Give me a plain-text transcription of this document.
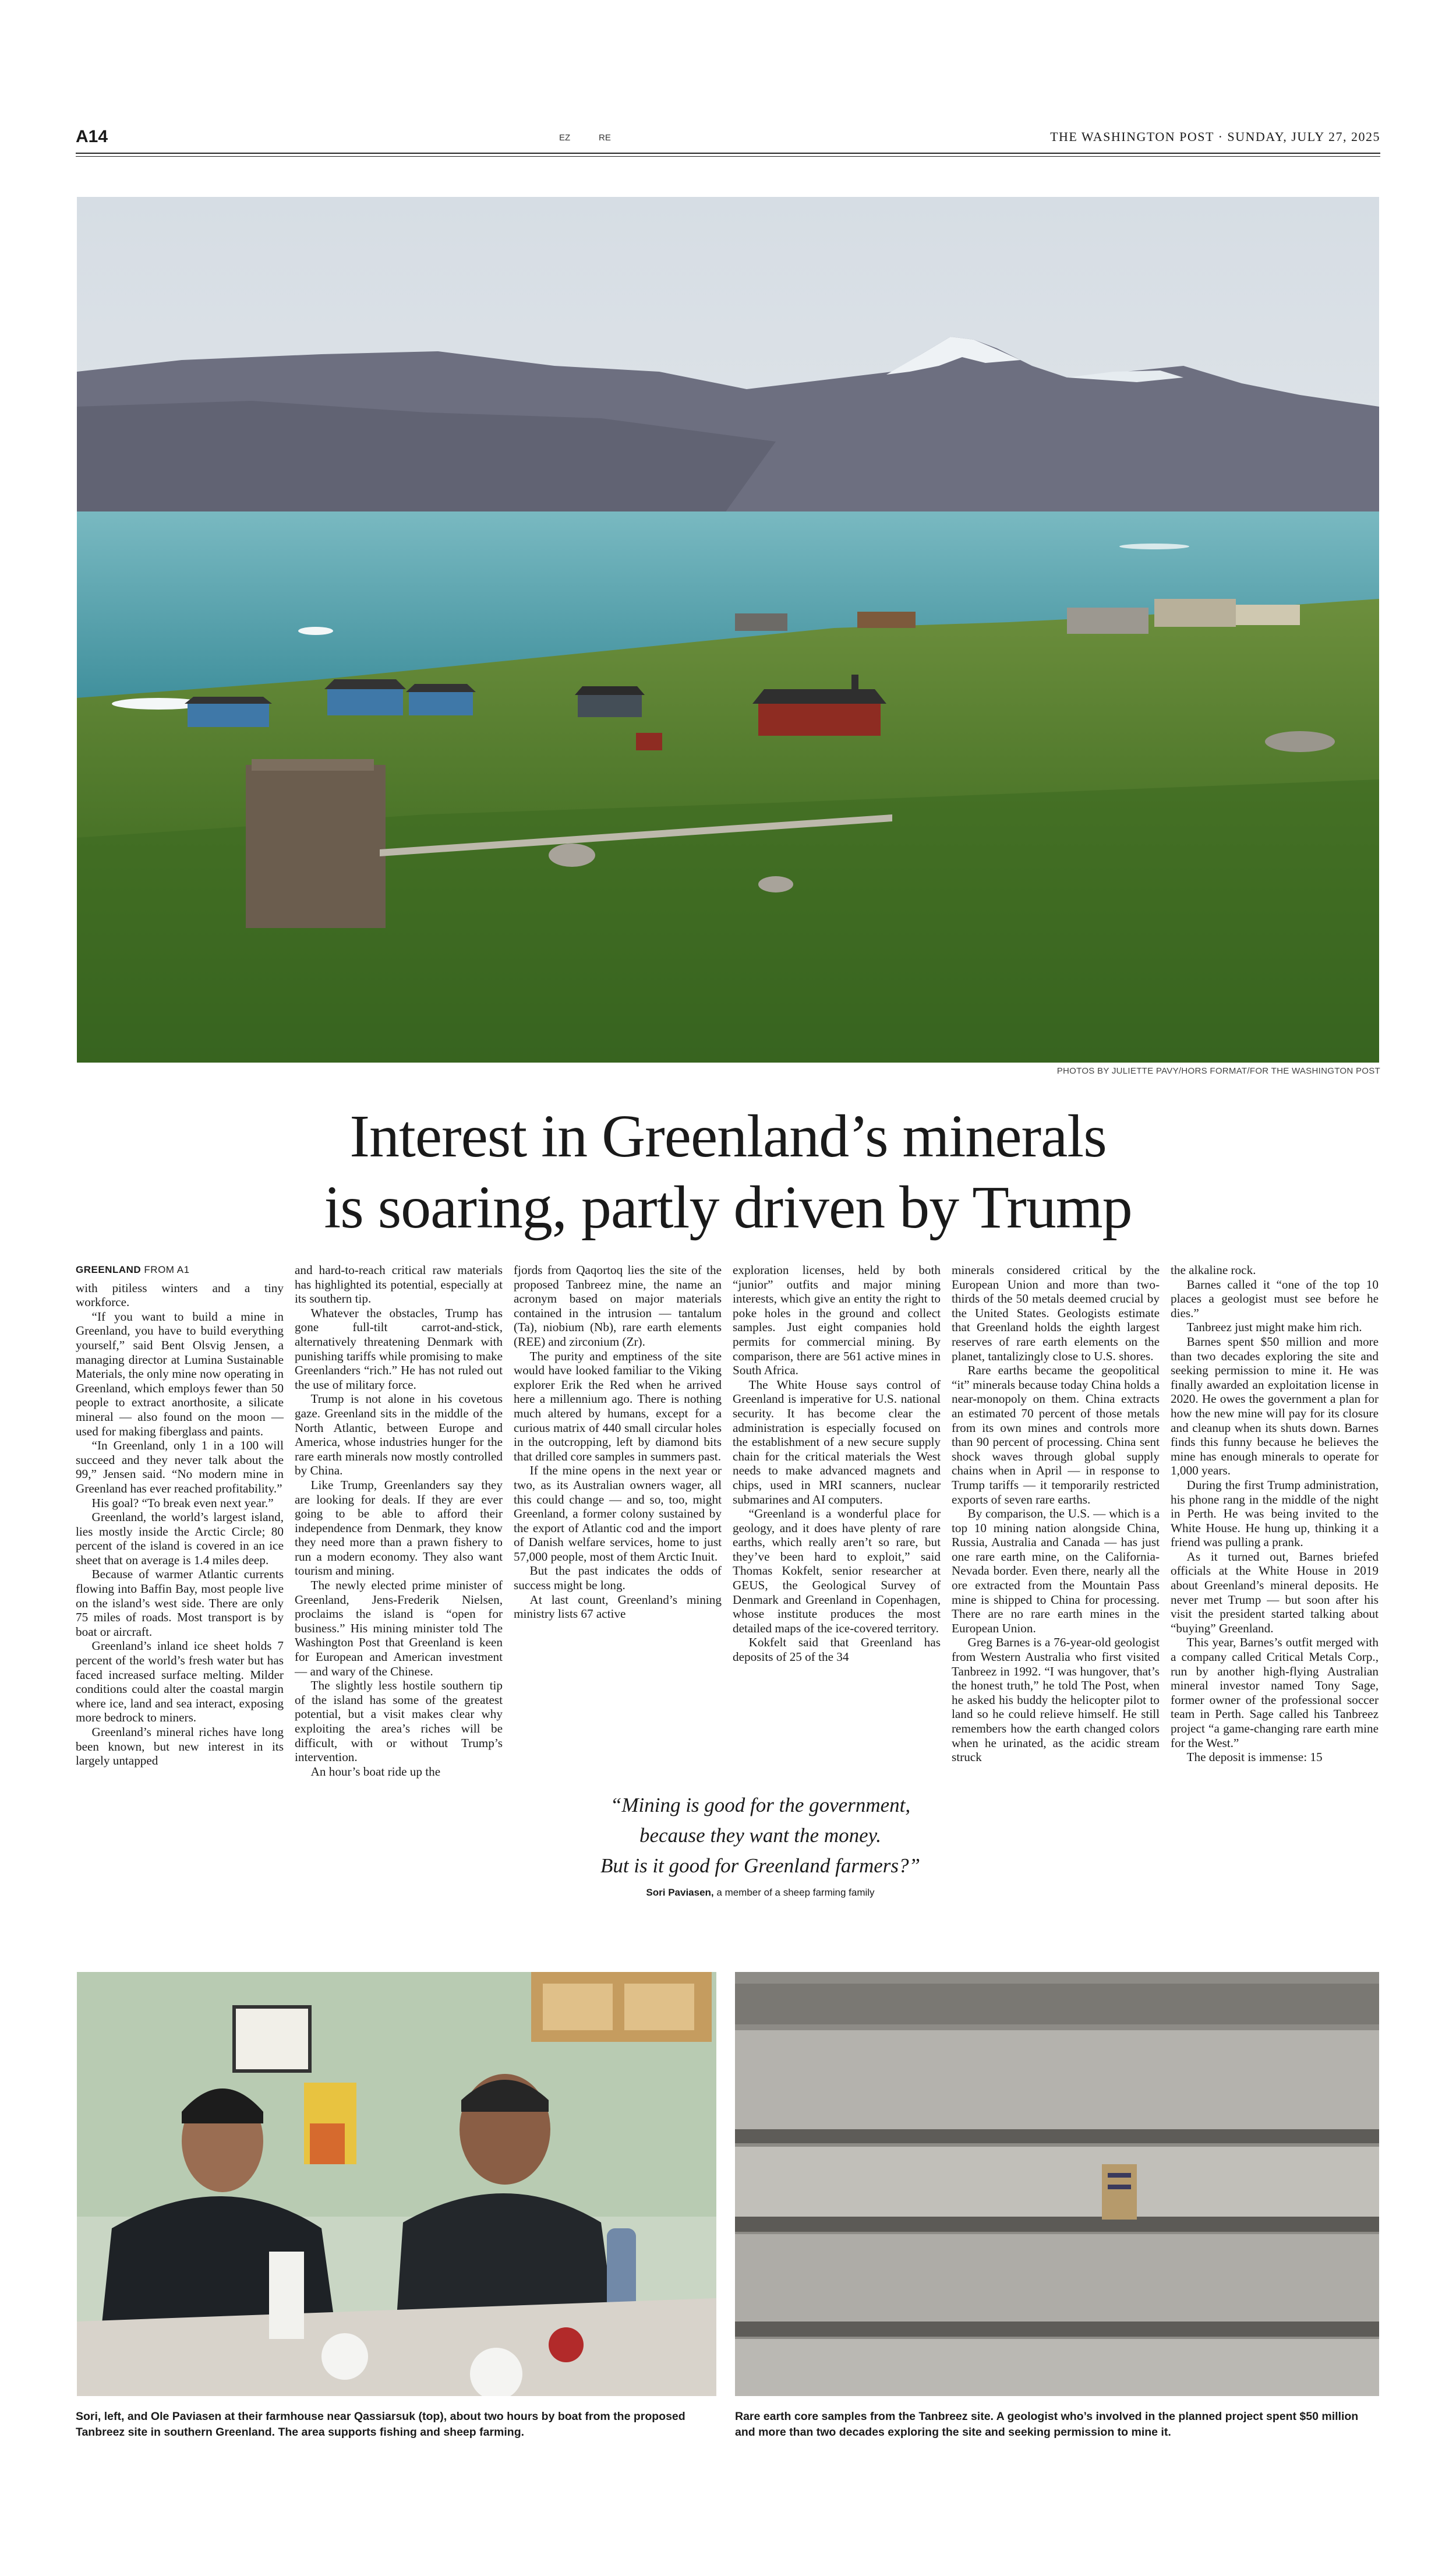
A14	EZ	RE	THE WASHINGTON POST · SUNDAY, JULY 27, 2025
PHOTOS BY JULIETTE PAVY/HORS FORMAT/FOR THE WASHINGTON POST
Interest in Greenland’s minerals
is soaring, partly driven by Trump
GREENLAND FROM A1

with pitiless winters and a tiny workforce.

“If you want to build a mine in Greenland, you have to build everything yourself,” said Bent Olsvig Jensen, a managing director at Lumina Sustainable Materials, the only mine now operating in Greenland, which employs fewer than 50 people to extract anorthosite, a silicate mineral — also found on the moon — used for making fiberglass and paints.

“In Greenland, only 1 in a 100 will succeed and they never talk about the 99,” Jensen said. “No modern mine in Greenland has ever reached profitability.”

His goal? “To break even next year.”

Greenland, the world’s largest island, lies mostly inside the Arctic Circle; 80 percent of the island is covered in an ice sheet that on average is 1.4 miles deep.

Because of warmer Atlantic currents flowing into Baffin Bay, most people live on the island’s west side. There are only 75 miles of roads. Most transport is by boat or aircraft.

Greenland’s inland ice sheet holds 7 percent of the world’s fresh water but has faced increased surface melting. Milder conditions could alter the coastal margin where ice, land and sea interact, exposing more bedrock to miners.

Greenland’s mineral riches have long been known, but new interest in its largely untapped

and hard-to-reach critical raw materials has highlighted its potential, especially at its southern tip.

Whatever the obstacles, Trump has gone full-tilt carrot-and-stick, alternatively threatening Denmark with punishing tariffs while promising to make Greenlanders “rich.” He has not ruled out the use of military force.

Trump is not alone in his covetous gaze. Greenland sits in the middle of the North Atlantic, between Europe and America, whose industries hunger for the rare earth minerals now mostly controlled by China.

Like Trump, Greenlanders say they are looking for deals. If they are ever going to be able to afford their independence from Denmark, they know they need more than a prawn fishery to run a modern economy. They also want tourism and mining.

The newly elected prime minister of Greenland, Jens-Frederik Nielsen, proclaims the island is “open for business.” His mining minister told The Washington Post that Greenland is keen for European and American investment — and wary of the Chinese.

The slightly less hostile southern tip of the island has some of the greatest potential, but a visit makes clear why exploiting the area’s riches will be difficult, with or without Trump’s intervention.

An hour’s boat ride up the

fjords from Qaqortoq lies the site of the proposed Tanbreez mine, the name an acronym based on major materials contained in the intrusion — tantalum (Ta), niobium (Nb), rare earth elements (REE) and zirconium (Zr).

The purity and emptiness of the site would have looked familiar to the Viking explorer Erik the Red when he arrived here a millennium ago. There is nothing much altered by humans, except for a curious matrix of 440 small circular holes in the outcropping, left by diamond bits that drilled core samples in summers past.

If the mine opens in the next year or two, as its Australian owners wager, all this could change — and so, too, might Greenland, a former colony sustained by the export of Atlantic cod and the import of Danish welfare services, home to just 57,000 people, most of them Arctic Inuit.

But the past indicates the odds of success might be long.

At last count, Greenland’s mining ministry lists 67 active

exploration licenses, held by both “junior” outfits and major mining interests, which give an entity the right to poke holes in the ground and collect samples. Just eight companies hold permits for commercial mining. By comparison, there are 561 active mines in South Africa.

The White House says control of Greenland is imperative for U.S. national security. It has become clear the administration is especially focused on the establishment of a new secure supply chain for the critical materials the West needs to make advanced magnets and chips, used in MRI scanners, nuclear submarines and AI computers.

“Greenland is a wonderful place for geology, and it does have plenty of rare earths, which really aren’t so rare, but they’ve been hard to exploit,” said Thomas Kokfelt, senior researcher at GEUS, the Geological Survey of Denmark and Greenland in Copenhagen, whose institute produces the most detailed maps of the ice-covered territory.

Kokfelt said that Greenland has deposits of 25 of the 34

minerals considered critical by the European Union and more than two-thirds of the 50 metals deemed crucial by the United States. Geologists estimate that Greenland holds the eighth largest reserves of rare earth elements on the planet, tantalizingly close to U.S. shores.

Rare earths became the geopolitical “it” minerals because today China holds a near-monopoly on them. China extracts an estimated 70 percent of those metals from its own mines and controls more than 90 percent of processing. China sent shock waves through global supply chains when in April — in response to Trump tariffs — it temporarily restricted exports of seven rare earths.

By comparison, the U.S. — which is a top 10 mining nation alongside China, Russia, Australia and Canada — has just one rare earth mine, on the California-Nevada border. Even there, nearly all the ore extracted from the Mountain Pass mine is shipped to China for processing. There are no rare earth mines in the European Union.

Greg Barnes is a 76-year-old geologist from Western Australia who first visited Tanbreez in 1992. “I was hungover, that’s the honest truth,” he told The Post, when he asked his buddy the helicopter pilot to land so he could relieve himself. He still remembers how the earth changed colors when he urinated, as the acidic stream struck

the alkaline rock.

Barnes called it “one of the top 10 places a geologist must see before he dies.”

Tanbreez just might make him rich.

Barnes spent $50 million and more than two decades exploring the site and seeking permission to mine it. He was finally awarded an exploitation license in 2020. He owes the government a plan for how the new mine will pay for its closure and cleanup when its shuts down. Barnes finds this funny because he believes the mine has enough minerals to operate for 1,000 years.

During the first Trump administration, his phone rang in the middle of the night in Perth. He was being invited to the White House. He hung up, thinking it a friend was pulling a prank.

As it turned out, Barnes briefed officials at the White House in 2019 about Greenland’s mineral deposits. He never met Trump — but soon after his visit the president started talking about “buying” Greenland.

This year, Barnes’s outfit merged with a company called Critical Metals Corp., run by another high-flying Australian mineral investor named Tony Sage, former owner of the professional soccer team in Perth. Sage called his Tanbreez project “a game-changing rare earth mine for the West.”

The deposit is immense: 15

“Mining is good for the government,
because they want the money.
But is it good for Greenland farmers?”
Sori Paviasen, a member of a sheep farming family
Sori, left, and Ole Paviasen at their farmhouse near Qassiarsuk (top), about two hours by boat from the proposed Tanbreez site in southern Greenland. The area supports fishing and sheep farming.
Rare earth core samples from the Tanbreez site. A geologist who’s involved in the planned project spent $50 million and more than two decades exploring the site and seeking permission to mine it.
